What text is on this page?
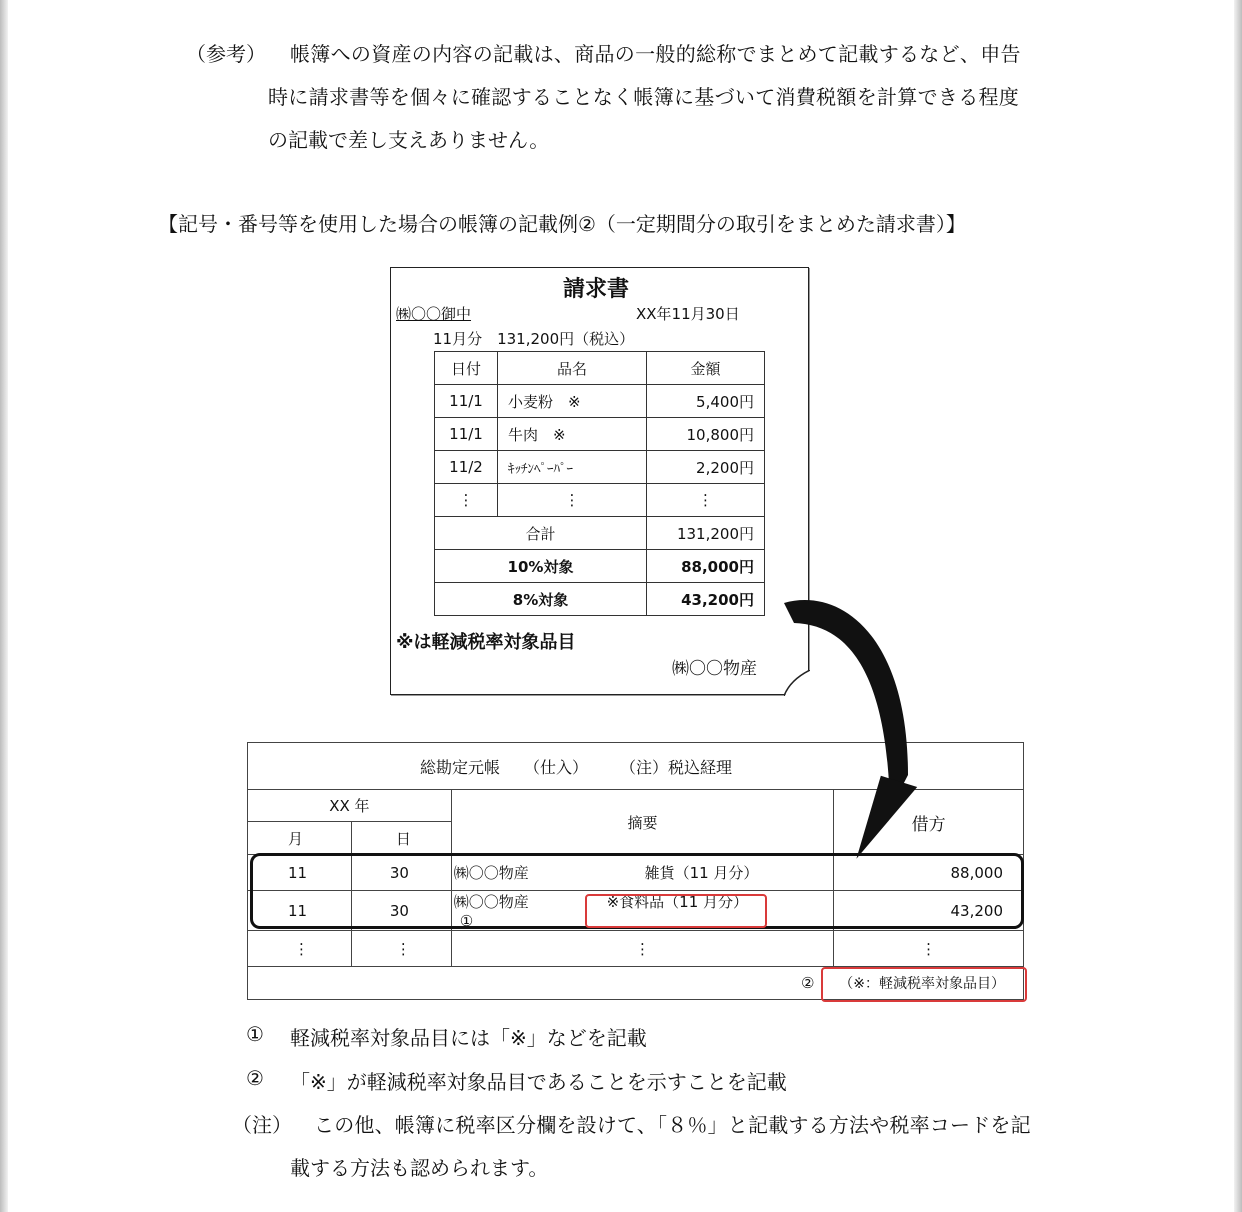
（参考） 帳簿への資産の内容の記載は、商品の一般的総称でまとめて記載するなど、申告
時に請求書等を個々に確認することなく帳簿に基づいて消費税額を計算できる程度
の記載で差し支えありません。
【記号・番号等を使用した場合の帳簿の記載例②（一定期間分の取引をまとめた請求書）】
請求書
㈱〇〇御中	XX年11月30日
11月分　131,200円（税込）
日付	品名	金額
11/1	小麦粉　※	5,400円
11/1	牛肉　※	10,800円
11/2	ｷｯﾁﾝﾍﾟｰﾊﾟｰ	2,200円
⋮	⋮	⋮
合計		131,200円
10%対象		88,000円
8%対象		43,200円
※は軽減税率対象品目
㈱〇〇物産
総勘定元帳　　（仕入）　　　（注）税込経理			
XX 年		摘要	借方
月	日		
11	30	㈱〇〇物産 雑貨（11 月分）	88,000
11	30	㈱〇〇物産 ※食料品（11 月分） ①	43,200
⋮	⋮	⋮	⋮
② （※：軽減税率対象品目）			
① 軽減税率対象品目には「※」などを記載
② 「※」が軽減税率対象品目であることを示すことを記載
（注） この他、帳簿に税率区分欄を設けて、「８％」と記載する方法や税率コードを記
載する方法も認められます。
